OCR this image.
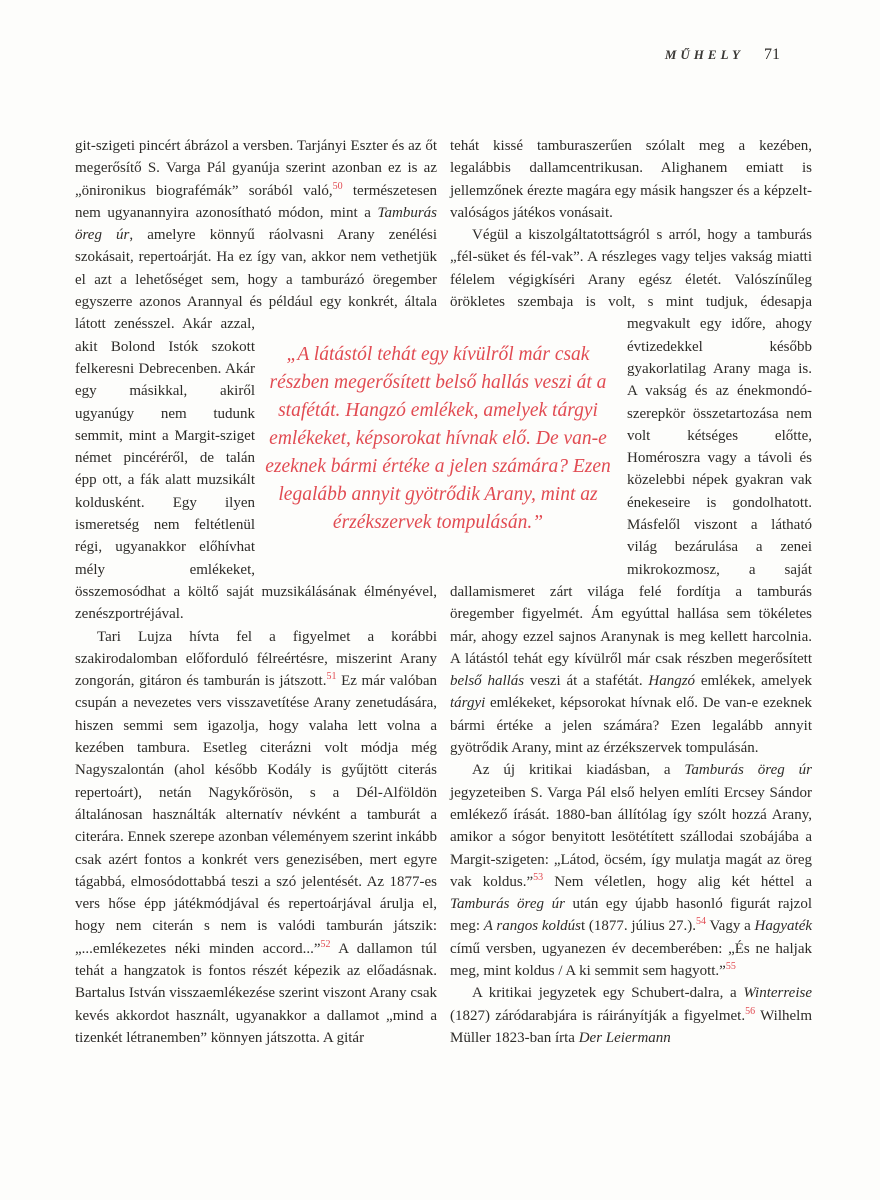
MŰHELY 71

git-szigeti pincért ábrázol a versben. Tarjányi Eszter és az őt megerősítő S. Varga Pál gyanúja szerint azonban ez is az „önironikus biografémák” sorából való,$^{50}$ természetesen nem ugyanannyira azonosítható módon, mint a Tamburás öreg úr, amelyre könnyű ráolvasni Arany zenélési szokásait, repertoárját. Ha ez így van, akkor nem vethetjük el azt a lehetőséget sem, hogy a tamburázó öregember egyszerre azonos Arannyal és például egy konkrét, általa látott zenésszel. Akár azzal, akit Bolond Istók szokott felkeresni Debrecenben. Akár egy másikkal, akiről ugyanúgy nem tudunk semmit, mint a Margit-sziget német pincéréről, de talán épp ott, a fák alatt muzsikált koldusként. Egy ilyen ismeretség nem feltétlenül régi, ugyanakkor előhívhat mély emlékeket, összemosódhat a költő saját muzsikálásának élményével, zenészportréjával.

Tari Lujza hívta fel a figyelmet a korábbi szakirodalomban előforduló félreértésre, miszerint Arany zongorán, gitáron és tamburán is játszott.$^{51}$ Ez már valóban csupán a nevezetes vers visszavetítése Arany zenetudására, hiszen semmi sem igazolja, hogy valaha lett volna a kezében tambura. Esetleg citerázni volt módja még Nagyszalontán (ahol később Kodály is gyűjtött citerás repertoárt), netán Nagykőrösön, s a Dél-Alföldön általánosan használták alternatív névként a tamburát a citerára. Ennek szerepe azonban véleményem szerint inkább csak azért fontos a konkrét vers genezisében, mert egyre tágabbá, elmosódottabbá teszi a szó jelentését. Az 1877-es vers hőse épp játékmódjával és repertoárjával árulja el, hogy nem citerán s nem is valódi tamburán játszik: „...emlékezetes néki minden accord...”$^{52}$ A dallamon túl tehát a hangzatok is fontos részét képezik az előadásnak. Bartalus István visszaemlékezése szerint viszont Arany csak kevés akkordot használt, ugyanakkor a dallamot „mind a tizenkét létranemben” könnyen játszotta. A gitár

tehát kissé tamburaszerűen szólalt meg a kezében, legalábbis dallamcentrikusan. Alighanem emiatt is jellemzőnek érezte magára egy másik hangszer és a képzelt-valóságos játékos vonásait.

Végül a kiszolgáltatottságról s arról, hogy a tamburás „fél-süket és fél-vak”. A részleges vagy teljes vakság miatti félelem végigkíséri Arany egész életét. Valószínűleg örökletes szembaja is volt, s mint tudjuk, édesapja megvakult egy időre, ahogy évtizedekkel később gyakorlatilag Arany maga is. A vakság és az énekmondó-szerepkör összetartozása nem volt kétséges előtte, Homéroszra vagy a távoli és közelebbi népek gyakran vak énekeseire is gondolhatott. Másfelől viszont a látható világ bezárulása a zenei mikrokozmosz, a saját dallamismeret zárt világa felé fordítja a tamburás öregember figyelmét. Ám egyúttal hallása sem tökéletes már, ahogy ezzel sajnos Aranynak is meg kellett harcolnia. A látástól tehát egy kívülről már csak részben megerősített belső hallás veszi át a stafétát. Hangzó emlékek, amelyek tárgyi emlékeket, képsorokat hívnak elő. De van-e ezeknek bármi értéke a jelen számára? Ezen legalább annyit gyötrődik Arany, mint az érzékszervek tompulásán.

Az új kritikai kiadásban, a Tamburás öreg úr jegyzeteiben S. Varga Pál első helyen említi Ercsey Sándor emlékező írását. 1880-ban állítólag így szólt hozzá Arany, amikor a sógor benyitott lesötétített szállodai szobájába a Margit-szigeten: „Látod, öcsém, így mulatja magát az öreg vak koldus.”$^{53}$ Nem véletlen, hogy alig két héttel a Tamburás öreg úr után egy újabb hasonló figurát rajzol meg: A rangos koldúst (1877. július 27.).$^{54}$ Vagy a Hagyaték című versben, ugyanezen év decemberében: „És ne haljak meg, mint koldus / A ki semmit sem hagyott.”$^{55}$

A kritikai jegyzetek egy Schubert-dalra, a Winterreise (1827) záródarabjára is ráirányítják a figyelmet.$^{56}$ Wilhelm Müller 1823-ban írta Der Leiermann

„A látástól tehát egy kívülről már csak részben megerősített belső hallás veszi át a stafétát. Hangzó emlékek, amelyek tárgyi emlékeket, képsorokat hívnak elő. De van-e ezeknek bármi értéke a jelen számára? Ezen legalább annyit gyötrődik Arany, mint az érzékszervek tompulásán.”
